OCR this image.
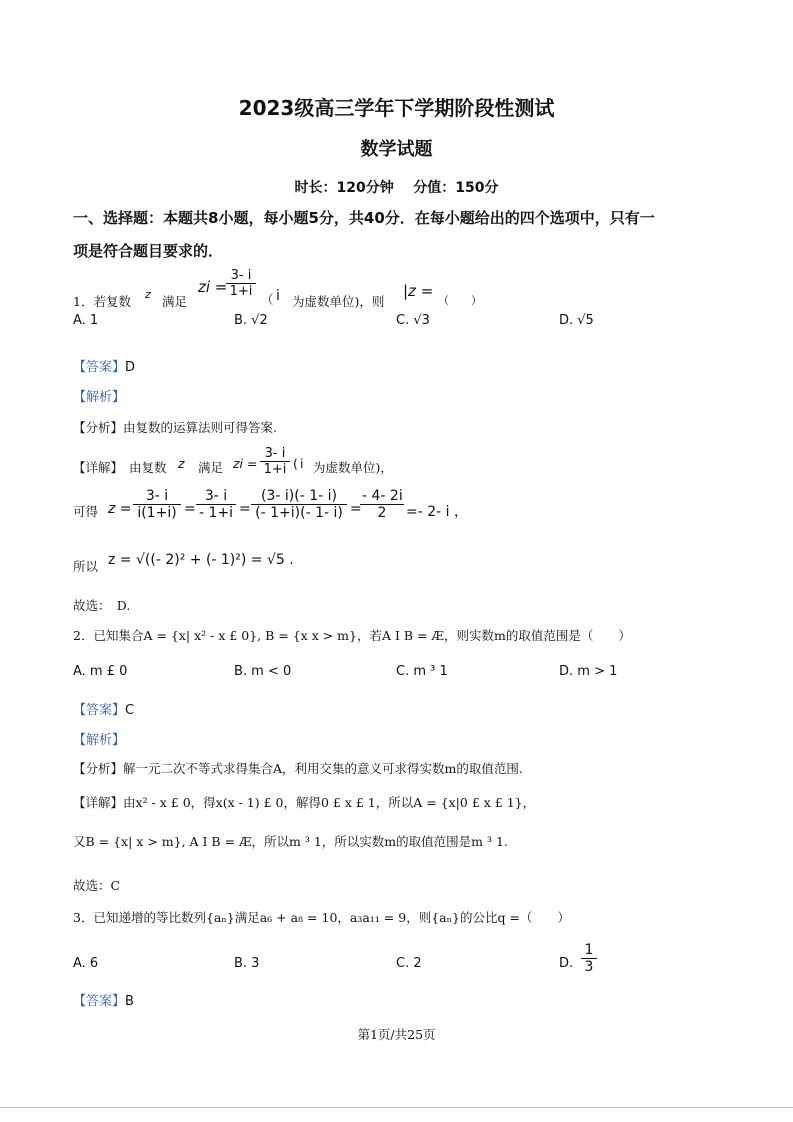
2023级高三学年下学期阶段性测试
数学试题
时长：120分钟 分值：150分
一、选择题：本题共8小题，每小题5分，共40分．在每小题给出的四个选项中，只有一
项是符合题目要求的．
1．若复数 z 满足
zi =
$\frac{3- i}{1+i}$
（ i 为虚数单位)，则
|z =
（　　）
A. 1	B. √2	C. √3	D. √5
【答案】D
【解析】
【分析】由复数的运算法则可得答案.
【详解】 由复数 z 满足 zi = $\frac{3- i}{1+i}$ ( i 为虚数单位)，
可得 $z = \frac{3- i}{i(1+i)} = \frac{3- i}{- 1+i} = \frac{(3- i)(- 1- i)}{(- 1+i)(- 1- i)}$ =
$\frac{- 4- 2i}{2} =- 2-$ i ，
所以 z = √((- 2)² + (- 1)²) = √5 .
故选：　D.
2．已知集合A = {x| x² - x £ 0}, B = {x x > m}，若A I B = Æ，则实数m的取值范围是（　　）
A. m £ 0	B. m < 0	C. m ³ 1	D. m > 1
【答案】C
【解析】
【分析】解一元二次不等式求得集合A，利用交集的意义可求得实数m的取值范围.
【详解】由x² - x £ 0，得x(x - 1) £ 0，解得0 £ x £ 1，所以A = {x|0 £ x £ 1}，
又B = {x| x > m}, A I B = Æ，所以m ³ 1，所以实数m的取值范围是m ³ 1.
故选：C
3．已知递增的等比数列{aₙ}满足a₆ + a₈ = 10，a₃a₁₁ = 9，则{aₙ}的公比q =（　　）
A. 6	B. 3	C. 2	D. $\frac{1}{3}$
【答案】B
第1页/共25页
